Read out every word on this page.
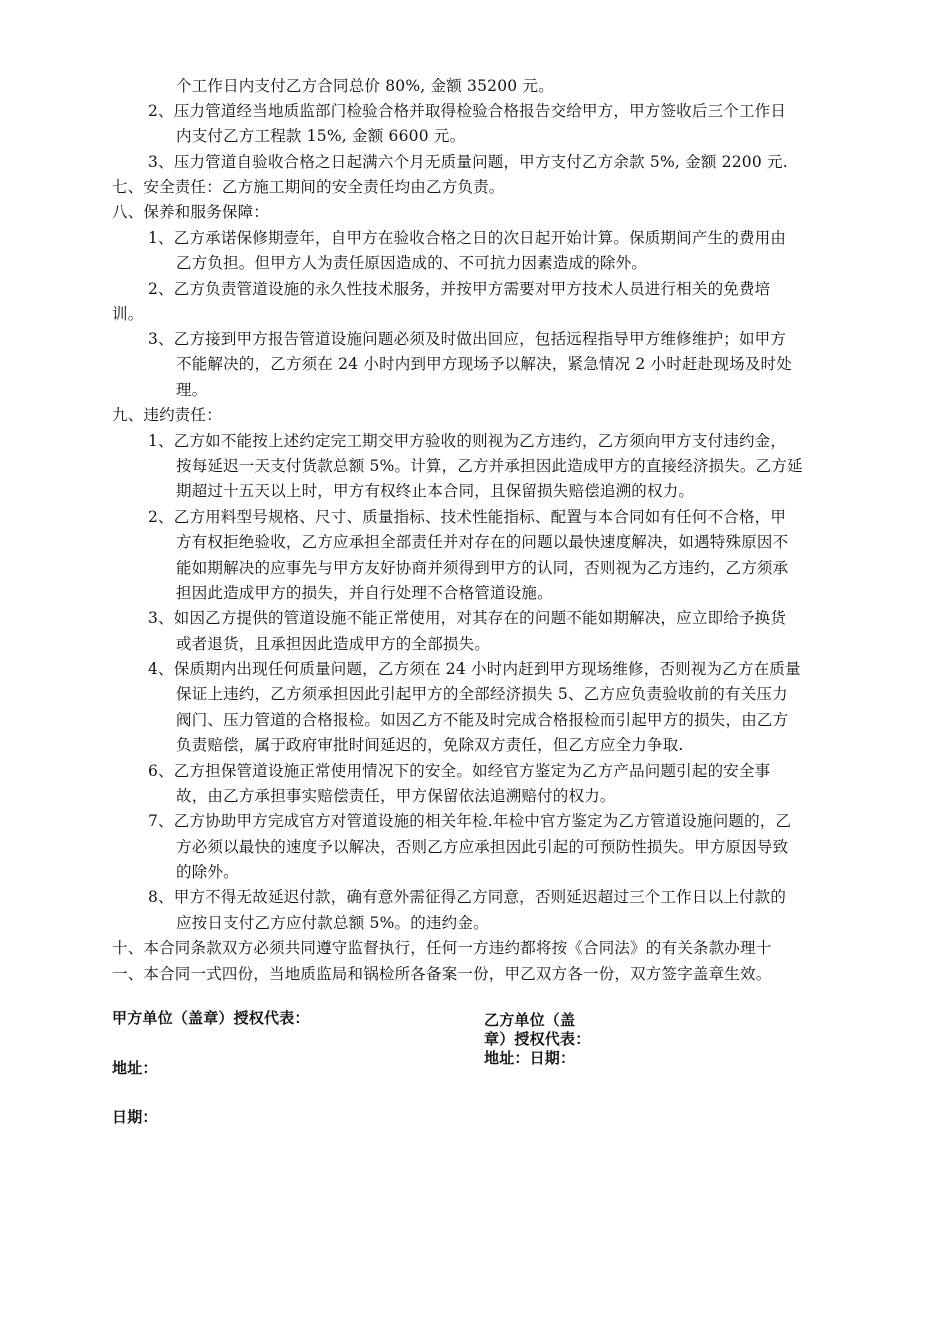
个工作日内支付乙方合同总价 80%, 金额 35200 元。
2、压力管道经当地质监部门检验合格并取得检验合格报告交给甲方，甲方签收后三个工作日
内支付乙方工程款 15%, 金额 6600 元。
3、压力管道自验收合格之日起满六个月无质量问题，甲方支付乙方余款 5%, 金额 2200 元.
七、安全责任：乙方施工期间的安全责任均由乙方负责。
八、保养和服务保障：
1、乙方承诺保修期壹年，自甲方在验收合格之日的次日起开始计算。保质期间产生的费用由
乙方负担。但甲方人为责任原因造成的、不可抗力因素造成的除外。
2、乙方负责管道设施的永久性技术服务，并按甲方需要对甲方技术人员进行相关的免费培
训。
3、乙方接到甲方报告管道设施问题必须及时做出回应，包括远程指导甲方维修维护；如甲方
不能解决的，乙方须在 24 小时内到甲方现场予以解决，紧急情况 2 小时赶赴现场及时处
理。
九、违约责任：
1、乙方如不能按上述约定完工期交甲方验收的则视为乙方违约，乙方须向甲方支付违约金，
按每延迟一天支付货款总额 5%。计算，乙方并承担因此造成甲方的直接经济损失。乙方延
期超过十五天以上时，甲方有权终止本合同，且保留损失赔偿追溯的权力。
2、乙方用料型号规格、尺寸、质量指标、技术性能指标、配置与本合同如有任何不合格，甲
方有权拒绝验收，乙方应承担全部责任并对存在的问题以最快速度解决，如遇特殊原因不
能如期解决的应事先与甲方友好协商并须得到甲方的认同，否则视为乙方违约，乙方须承
担因此造成甲方的损失，并自行处理不合格管道设施。
3、如因乙方提供的管道设施不能正常使用，对其存在的问题不能如期解决，应立即给予换货
或者退货，且承担因此造成甲方的全部损失。
4、保质期内出现任何质量问题，乙方须在 24 小时内赶到甲方现场维修，否则视为乙方在质量
保证上违约，乙方须承担因此引起甲方的全部经济损失 5、乙方应负责验收前的有关压力
阀门、压力管道的合格报检。如因乙方不能及时完成合格报检而引起甲方的损失，由乙方
负责赔偿，属于政府审批时间延迟的，免除双方责任，但乙方应全力争取.
6、乙方担保管道设施正常使用情况下的安全。如经官方鉴定为乙方产品问题引起的安全事
故，由乙方承担事实赔偿责任，甲方保留依法追溯赔付的权力。
7、乙方协助甲方完成官方对管道设施的相关年检.年检中官方鉴定为乙方管道设施问题的，乙
方必须以最快的速度予以解决，否则乙方应承担因此引起的可预防性损失。甲方原因导致
的除外。
8、甲方不得无故延迟付款，确有意外需征得乙方同意，否则延迟超过三个工作日以上付款的
应按日支付乙方应付款总额 5%。的违约金。
十、本合同条款双方必须共同遵守监督执行，任何一方违约都将按《合同法》的有关条款办理十
一、本合同一式四份，当地质监局和锅检所各备案一份，甲乙双方各一份，双方签字盖章生效。
甲方单位（盖章）授权代表：	乙方单位（盖
章）授权代表：
地址：日期：
地址：
日期：
